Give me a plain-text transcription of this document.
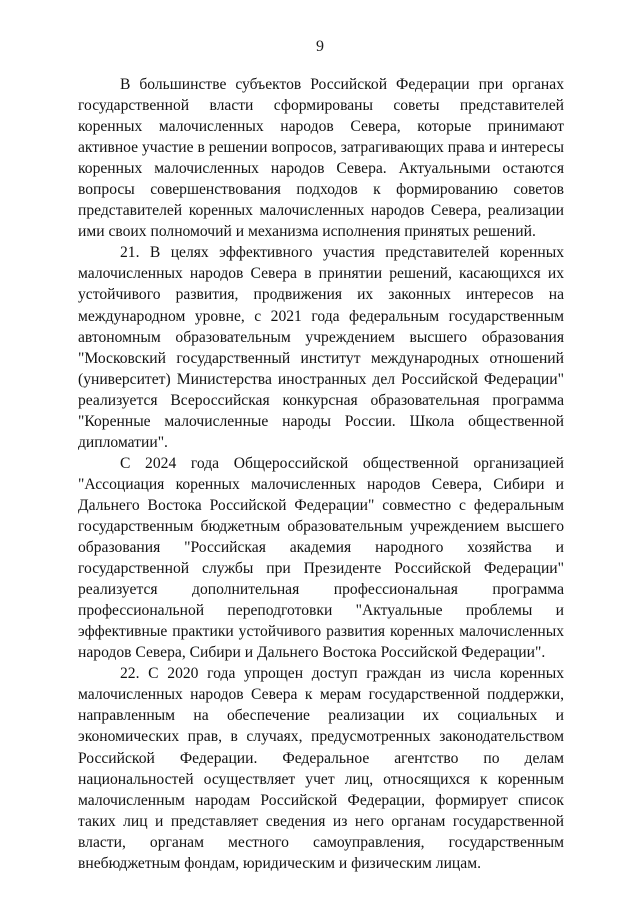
9

В большинстве субъектов Российской Федерации при органах государственной власти сформированы советы представителей коренных малочисленных народов Севера, которые принимают активное участие в решении вопросов, затрагивающих права и интересы коренных малочисленных народов Севера. Актуальными остаются вопросы совершенствования подходов к формированию советов представителей коренных малочисленных народов Севера, реализации ими своих полномочий и механизма исполнения принятых решений.

21. В целях эффективного участия представителей коренных малочисленных народов Севера в принятии решений, касающихся их устойчивого развития, продвижения их законных интересов на международном уровне, с 2021 года федеральным государственным автономным образовательным учреждением высшего образования "Московский государственный институт международных отношений (университет) Министерства иностранных дел Российской Федерации" реализуется Всероссийская конкурсная образовательная программа "Коренные малочисленные народы России. Школа общественной дипломатии".

С 2024 года Общероссийской общественной организацией "Ассоциация коренных малочисленных народов Севера, Сибири и Дальнего Востока Российской Федерации" совместно с федеральным государственным бюджетным образовательным учреждением высшего образования "Российская академия народного хозяйства и государственной службы при Президенте Российской Федерации" реализуется дополнительная профессиональная программа профессиональной переподготовки "Актуальные проблемы и эффективные практики устойчивого развития коренных малочисленных народов Севера, Сибири и Дальнего Востока Российской Федерации".

22. С 2020 года упрощен доступ граждан из числа коренных малочисленных народов Севера к мерам государственной поддержки, направленным на обеспечение реализации их социальных и экономических прав, в случаях, предусмотренных законодательством Российской Федерации. Федеральное агентство по делам национальностей осуществляет учет лиц, относящихся к коренным малочисленным народам Российской Федерации, формирует список таких лиц и представляет сведения из него органам государственной власти, органам местного самоуправления, государственным внебюджетным фондам, юридическим и физическим лицам.
